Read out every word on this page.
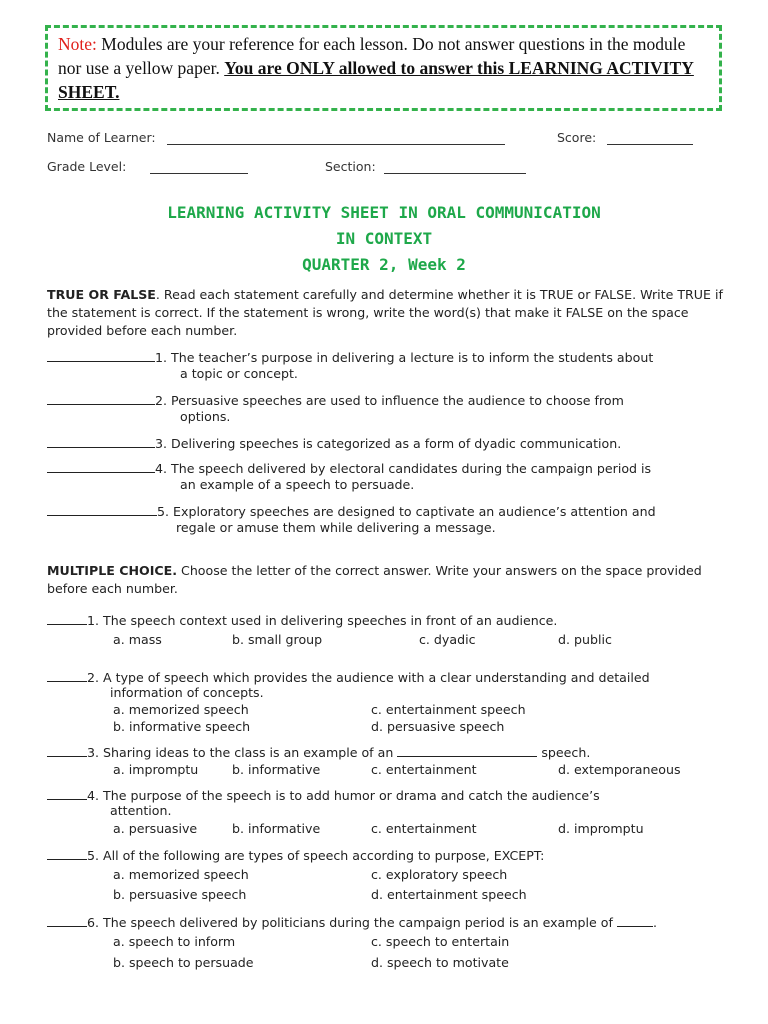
Note: Modules are your reference for each lesson. Do not answer questions in the module nor use a yellow paper. You are ONLY allowed to answer this LEARNING ACTIVITY SHEET.
Name of Learner:	Score:
Grade Level:	Section:
LEARNING ACTIVITY SHEET IN ORAL COMMUNICATION
IN CONTEXT
QUARTER 2, Week 2
TRUE OR FALSE. Read each statement carefully and determine whether it is TRUE or FALSE. Write TRUE if the statement is correct. If the statement is wrong, write the word(s) that make it FALSE on the space provided before each number.
1. The teacher’s purpose in delivering a lecture is to inform the students about
a topic or concept.
2. Persuasive speeches are used to influence the audience to choose from
options.
3. Delivering speeches is categorized as a form of dyadic communication.
4. The speech delivered by electoral candidates during the campaign period is
an example of a speech to persuade.
5. Exploratory speeches are designed to captivate an audience’s attention and
regale or amuse them while delivering a message.
MULTIPLE CHOICE. Choose the letter of the correct answer. Write your answers on the space provided before each number.
1. The speech context used in delivering speeches in front of an audience.
a. mass	b. small group	c. dyadic	d. public
2. A type of speech which provides the audience with a clear understanding and detailed
information of concepts.
a. memorized speech	c. entertainment speech
b. informative speech	d. persuasive speech
3. Sharing ideas to the class is an example of an	speech.
a. impromptu	b. informative	c. entertainment	d. extemporaneous
4. The purpose of the speech is to add humor or drama and catch the audience’s
attention.
a. persuasive	b. informative	c. entertainment	d. impromptu
5. All of the following are types of speech according to purpose, EXCEPT:
a. memorized speech	c. exploratory speech
b. persuasive speech	d. entertainment speech
6. The speech delivered by politicians during the campaign period is an example of	.
a. speech to inform	c. speech to entertain
b. speech to persuade	d. speech to motivate
